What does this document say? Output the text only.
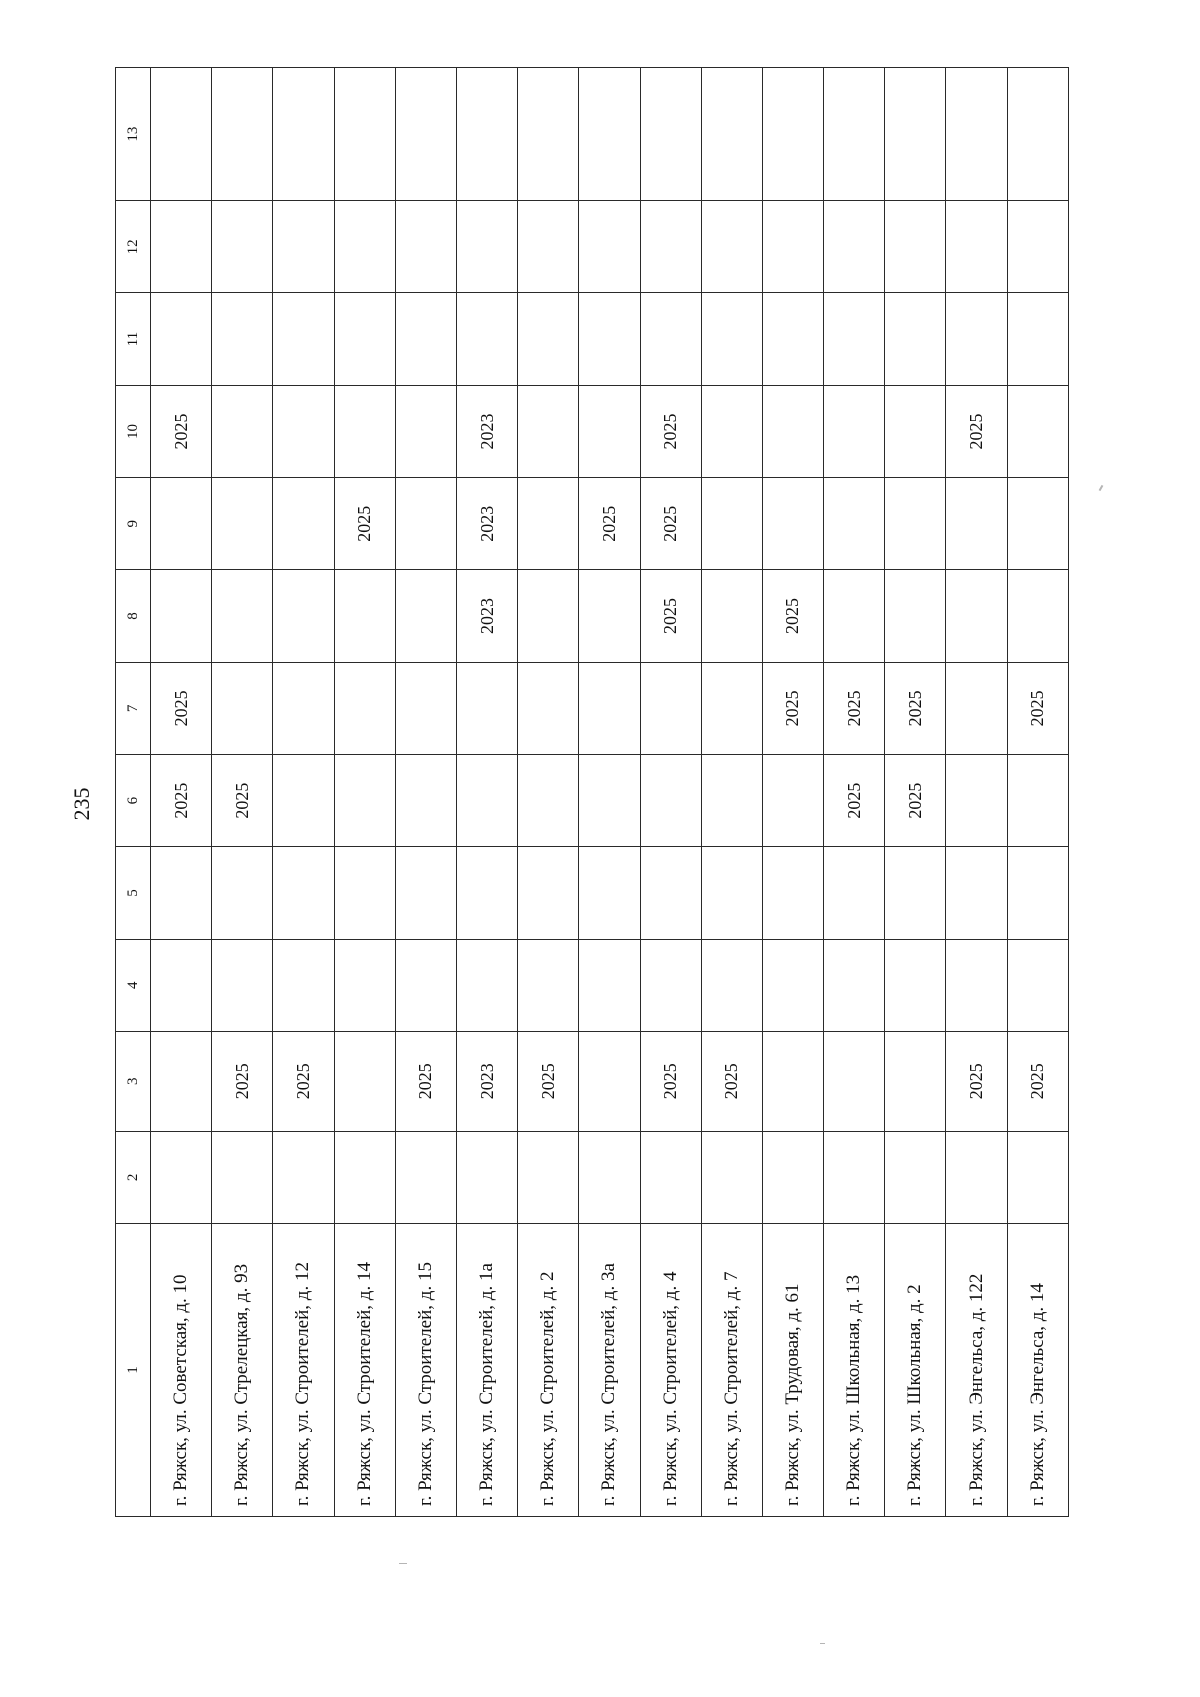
235
1	2	3	4	5	6	7	8	9	10	11	12	13
г. Ряжск, ул. Советская, д. 10					2025	2025			2025			
г. Ряжск, ул. Стрелецкая, д. 93		2025			2025							
г. Ряжск, ул. Строителей, д. 12		2025										
г. Ряжск, ул. Строителей, д. 14								2025				
г. Ряжск, ул. Строителей, д. 15		2025										
г. Ряжск, ул. Строителей, д. 1а		2023					2023	2023	2023			
г. Ряжск, ул. Строителей, д. 2		2025										
г. Ряжск, ул. Строителей, д. 3а								2025				
г. Ряжск, ул. Строителей, д. 4		2025					2025	2025	2025			
г. Ряжск, ул. Строителей, д. 7		2025										
г. Ряжск, ул. Трудовая, д. 61						2025	2025					
г. Ряжск, ул. Школьная, д. 13					2025	2025						
г. Ряжск, ул. Школьная, д. 2					2025	2025						
г. Ряжск, ул. Энгельса, д. 122		2025							2025			
г. Ряжск, ул. Энгельса, д. 14		2025				2025						
